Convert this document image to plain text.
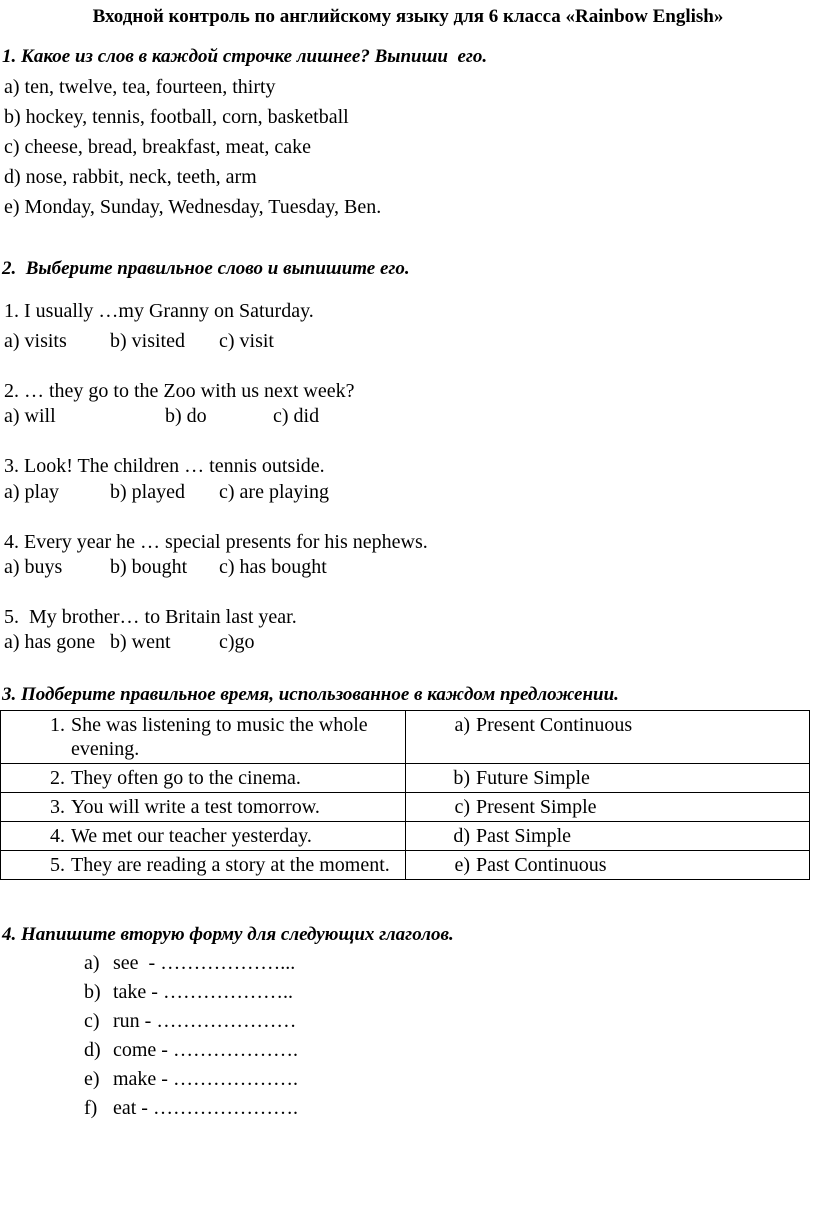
Входной контроль по английскому языку для 6 класса «Rainbow English»
1. Какое из слов в каждой строчке лишнее? Выпиши  его.
a) ten, twelve, tea, fourteen, thirty
b) hockey, tennis, football, corn, basketball
c) cheese, bread, breakfast, meat, cake
d) nose, rabbit, neck, teeth, arm
e) Monday, Sunday, Wednesday, Tuesday, Ben.
2.  Выберите правильное слово и выпишите его.
1. I usually …my Granny on Saturday.
a) visits b) visited c) visit
2. … they go to the Zoo with us next week?
a) will	b) do	c) did
3. Look! The children … tennis outside.
a) play	b) played c) are playing
4. Every year he … special presents for his nephews.
a) buys b) bought c) has bought
5.  My brother… to Britain last year.
a) has gone b) went c)go
3. Подберите правильное время, использованное в каждом предложении.
1. She was listening to music the whole evening.	a) Present Continuous

2. They often go to the cinema.	b) Future Simple

3. You will write a test tomorrow.	c) Present Simple

4. We met our teacher yesterday.	d) Past Simple

5. They are reading a story at the moment.	e) Past Continuous
4. Напишите вторую форму для следующих глаголов.
a) see  - ………………...
b) take - ………………..
c) run - …………………
d) come - ……………….
e) make - ……………….
f) eat - ………………….
